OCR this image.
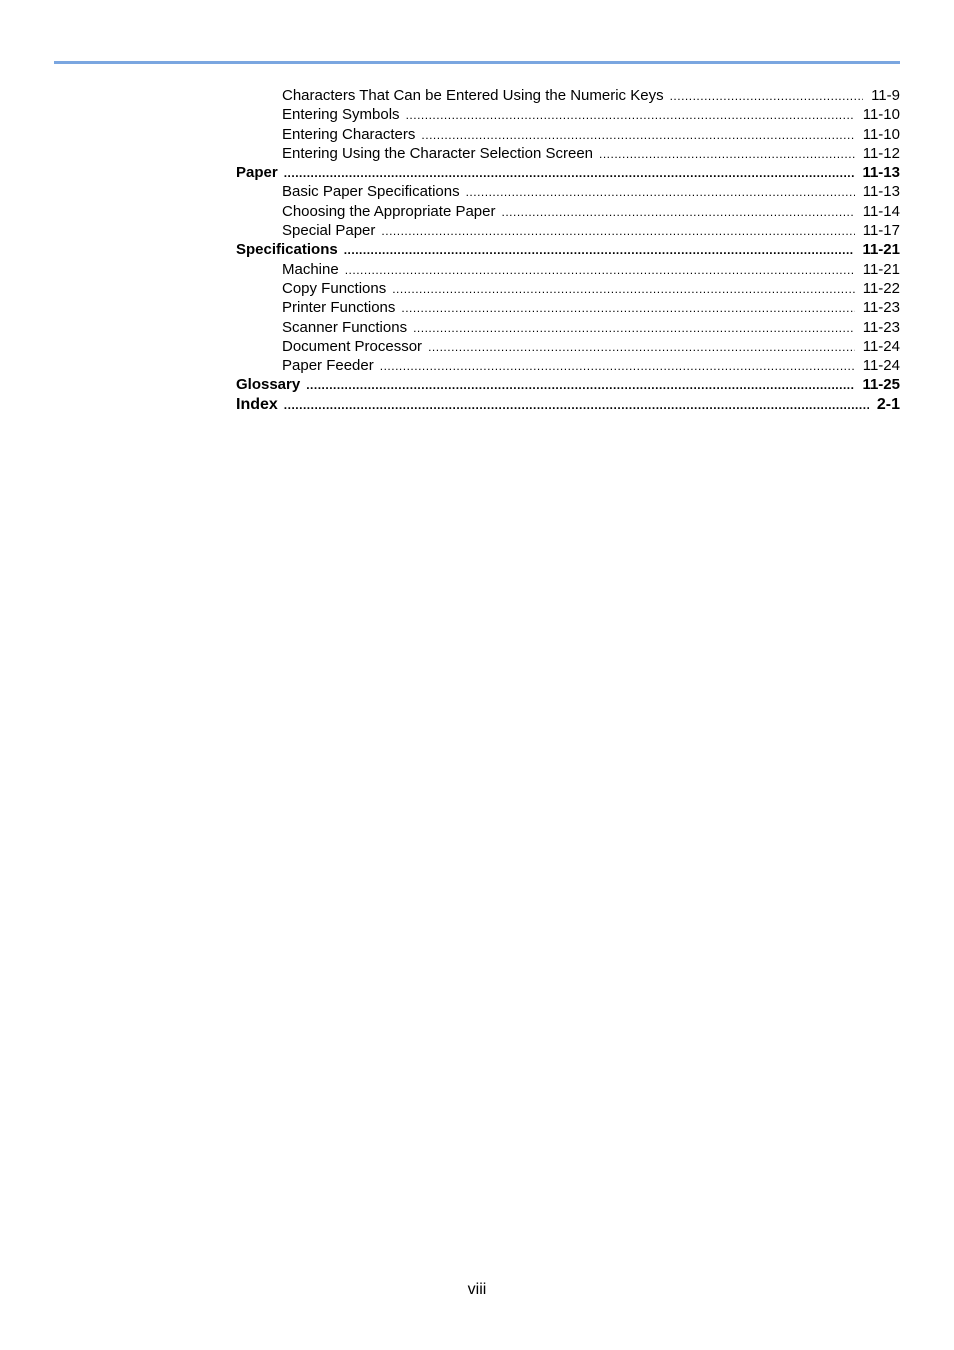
Characters That Can be Entered Using the Numeric Keys .....	11-9
Entering Symbols .....	11-10
Entering Characters .....	11-10
Entering Using the Character Selection Screen .....	11-12
Paper .....	11-13
Basic Paper Specifications .....	11-13
Choosing the Appropriate Paper .....	11-14
Special Paper .....	11-17
Specifications .....	11-21
Machine .....	11-21
Copy Functions .....	11-22
Printer Functions .....	11-23
Scanner Functions .....	11-23
Document Processor .....	11-24
Paper Feeder .....	11-24
Glossary .....	11-25
Index .....	2-1
viii
